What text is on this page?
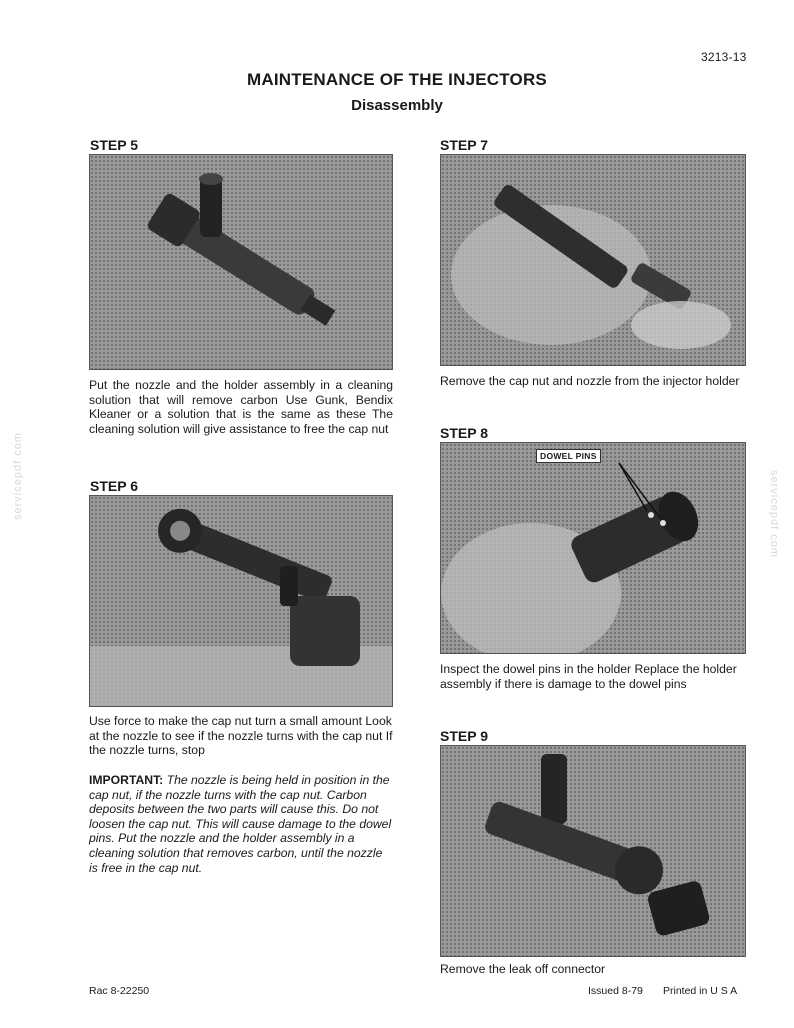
3213-13
MAINTENANCE OF THE INJECTORS
Disassembly
servicepdf.com	servicepdf.com
STEP 5
Put the nozzle and the holder assembly in a cleaning solution that will remove carbon Use Gunk, Bendix Kleaner or a solution that is the same as these The cleaning solution will give assistance to free the cap nut
STEP 6
Use force to make the cap nut turn a small amount Look at the nozzle to see if the nozzle turns with the cap nut If the nozzle turns, stop
IMPORTANT: The nozzle is being held in position in the cap nut, if the nozzle turns with the cap nut. Carbon deposits between the two parts will cause this. Do not loosen the cap nut. This will cause damage to the dowel pins. Put the nozzle and the holder assembly in a cleaning solution that removes carbon, until the nozzle is free in the cap nut.
STEP 7
Remove the cap nut and nozzle from the injector holder
STEP 8
DOWEL PINS
Inspect the dowel pins in the holder Replace the holder assembly if there is damage to the dowel pins
STEP 9
Remove the leak off connector
Rac 8-22250	Issued 8-79 Printed in U S A
